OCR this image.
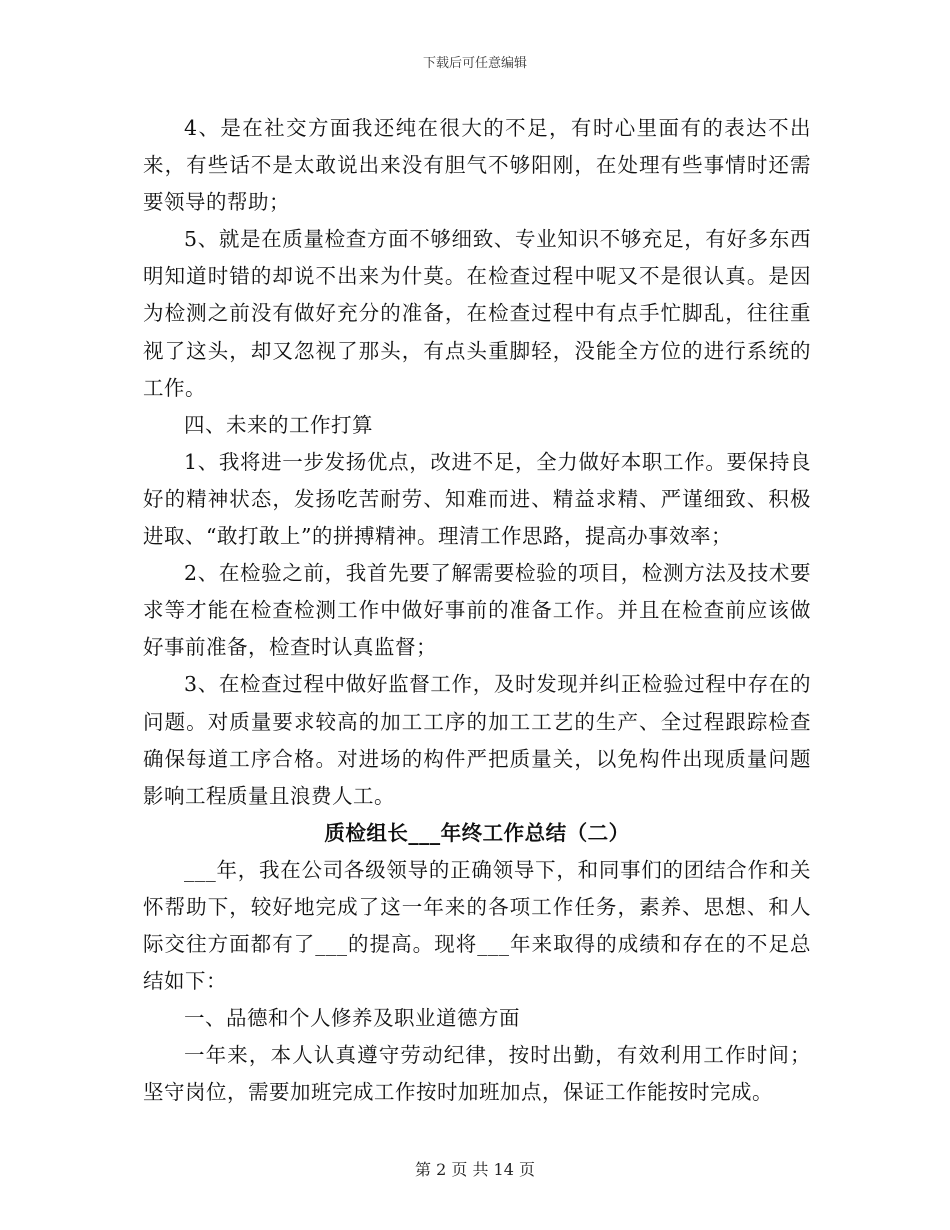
下载后可任意编辑

4、是在社交方面我还纯在很大的不足，有时心里面有的表达不出来，有些话不是太敢说出来没有胆气不够阳刚，在处理有些事情时还需要领导的帮助；

5、就是在质量检查方面不够细致、专业知识不够充足，有好多东西明知道时错的却说不出来为什莫。在检查过程中呢又不是很认真。是因为检测之前没有做好充分的准备，在检查过程中有点手忙脚乱，往往重视了这头，却又忽视了那头，有点头重脚轻，没能全方位的进行系统的工作。

四、未来的工作打算

1、我将进一步发扬优点，改进不足，全力做好本职工作。要保持良好的精神状态，发扬吃苦耐劳、知难而进、精益求精、严谨细致、积极进取、“敢打敢上”的拼搏精神。理清工作思路，提高办事效率；

2、在检验之前，我首先要了解需要检验的项目，检测方法及技术要求等才能在检查检测工作中做好事前的准备工作。并且在检查前应该做好事前准备，检查时认真监督；

3、在检查过程中做好监督工作，及时发现并纠正检验过程中存在的问题。对质量要求较高的加工工序的加工工艺的生产、全过程跟踪检查确保每道工序合格。对进场的构件严把质量关，以免构件出现质量问题影响工程质量且浪费人工。

质检组长___年终工作总结（二）

___年，我在公司各级领导的正确领导下，和同事们的团结合作和关怀帮助下，较好地完成了这一年来的各项工作任务，素养、思想、和人际交往方面都有了___的提高。现将___年来取得的成绩和存在的不足总结如下：

一、品德和个人修养及职业道德方面

一年来，本人认真遵守劳动纪律，按时出勤，有效利用工作时间；坚守岗位，需要加班完成工作按时加班加点，保证工作能按时完成。

第 2 页 共 14 页
